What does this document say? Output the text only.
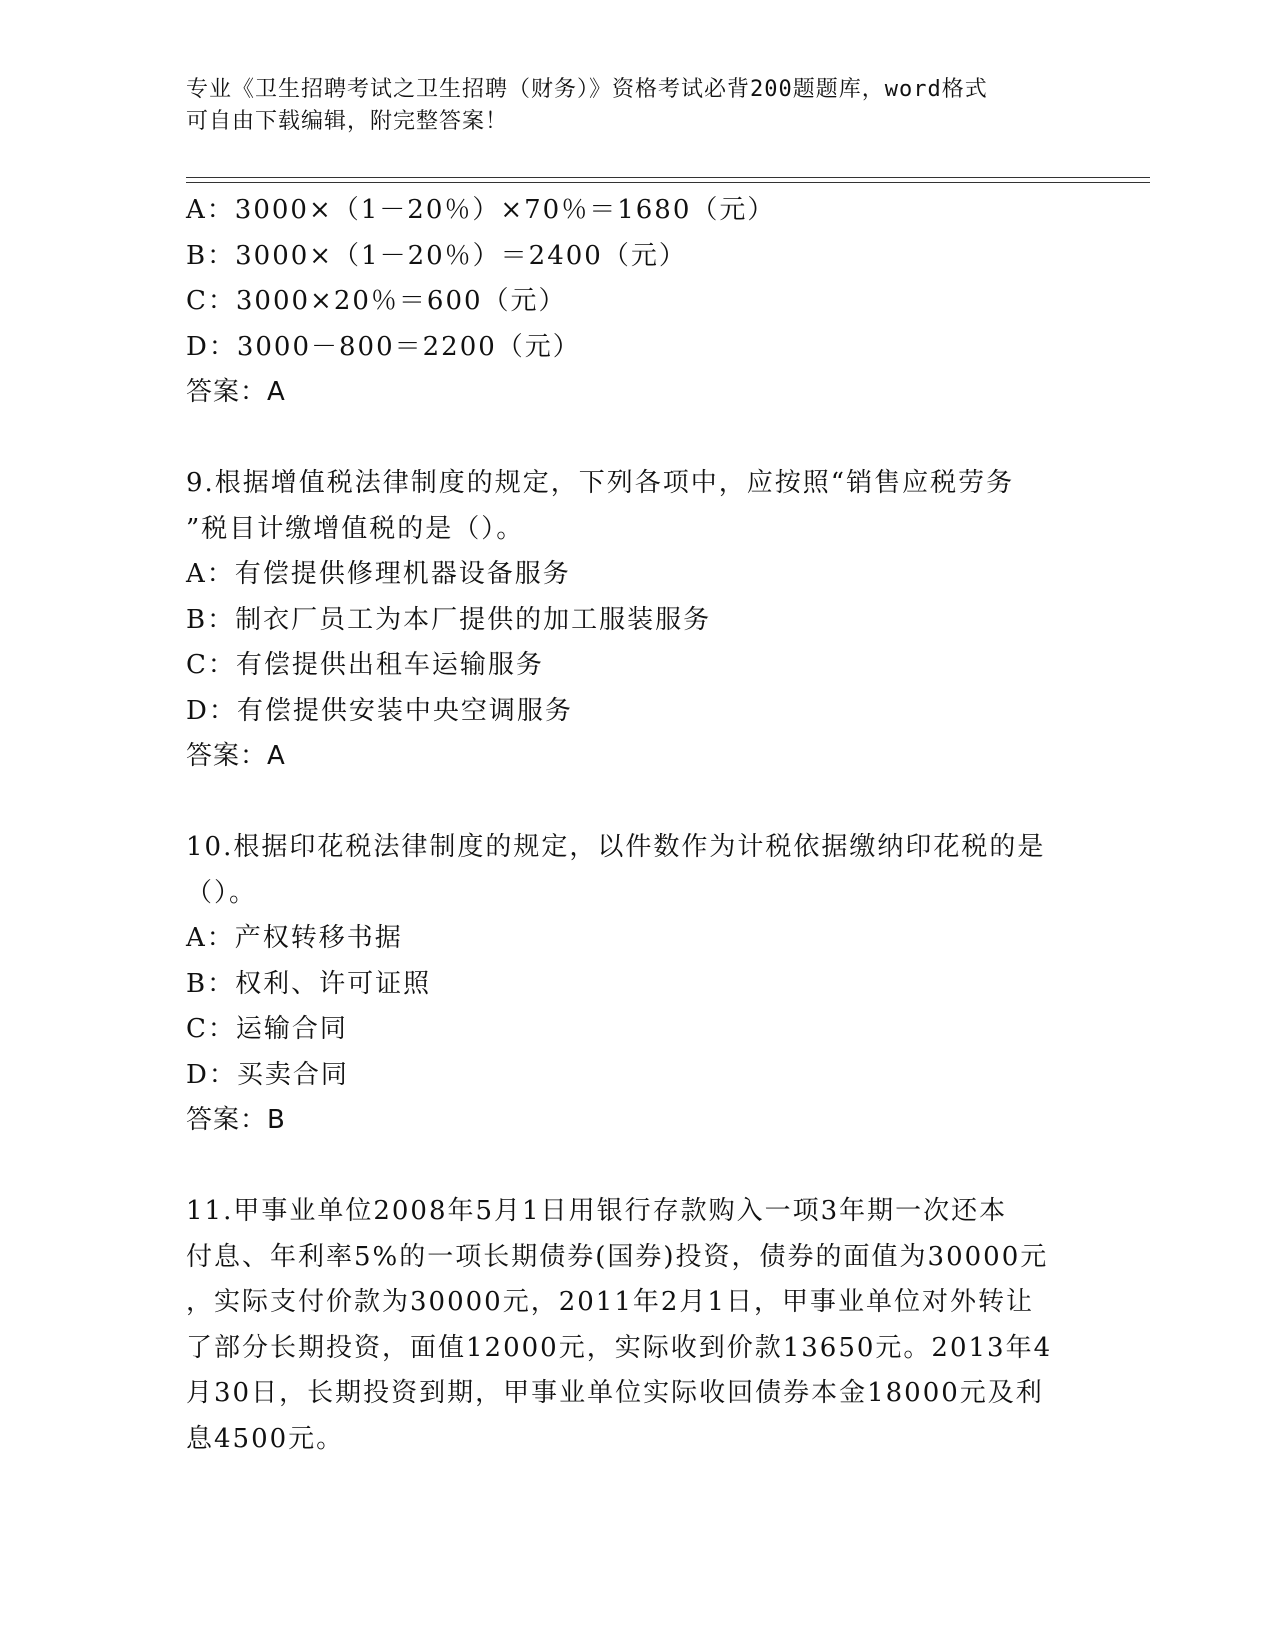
专业《卫生招聘考试之卫生招聘（财务）》资格考试必背200题题库，word格式
可自由下载编辑，附完整答案！
A：3000×（1－20％）×70％＝1680（元）
B：3000×（1－20％）＝2400（元）
C：3000×20％＝600（元）
D：3000－800＝2200（元）
答案：A
9.根据增值税法律制度的规定，下列各项中，应按照“销售应税劳务
”税目计缴增值税的是（）。
A：有偿提供修理机器设备服务
B：制衣厂员工为本厂提供的加工服装服务
C：有偿提供出租车运输服务
D：有偿提供安装中央空调服务
答案：A
10.根据印花税法律制度的规定，以件数作为计税依据缴纳印花税的是
（）。
A：产权转移书据
B：权利、许可证照
C：运输合同
D：买卖合同
答案：B
11.甲事业单位2008年5月1日用银行存款购入一项3年期一次还本
付息、年利率5%的一项长期债券(国券)投资，债券的面值为30000元
，实际支付价款为30000元，2011年2月1日，甲事业单位对外转让
了部分长期投资，面值12000元，实际收到价款13650元。2013年4
月30日，长期投资到期，甲事业单位实际收回债券本金18000元及利
息4500元。
